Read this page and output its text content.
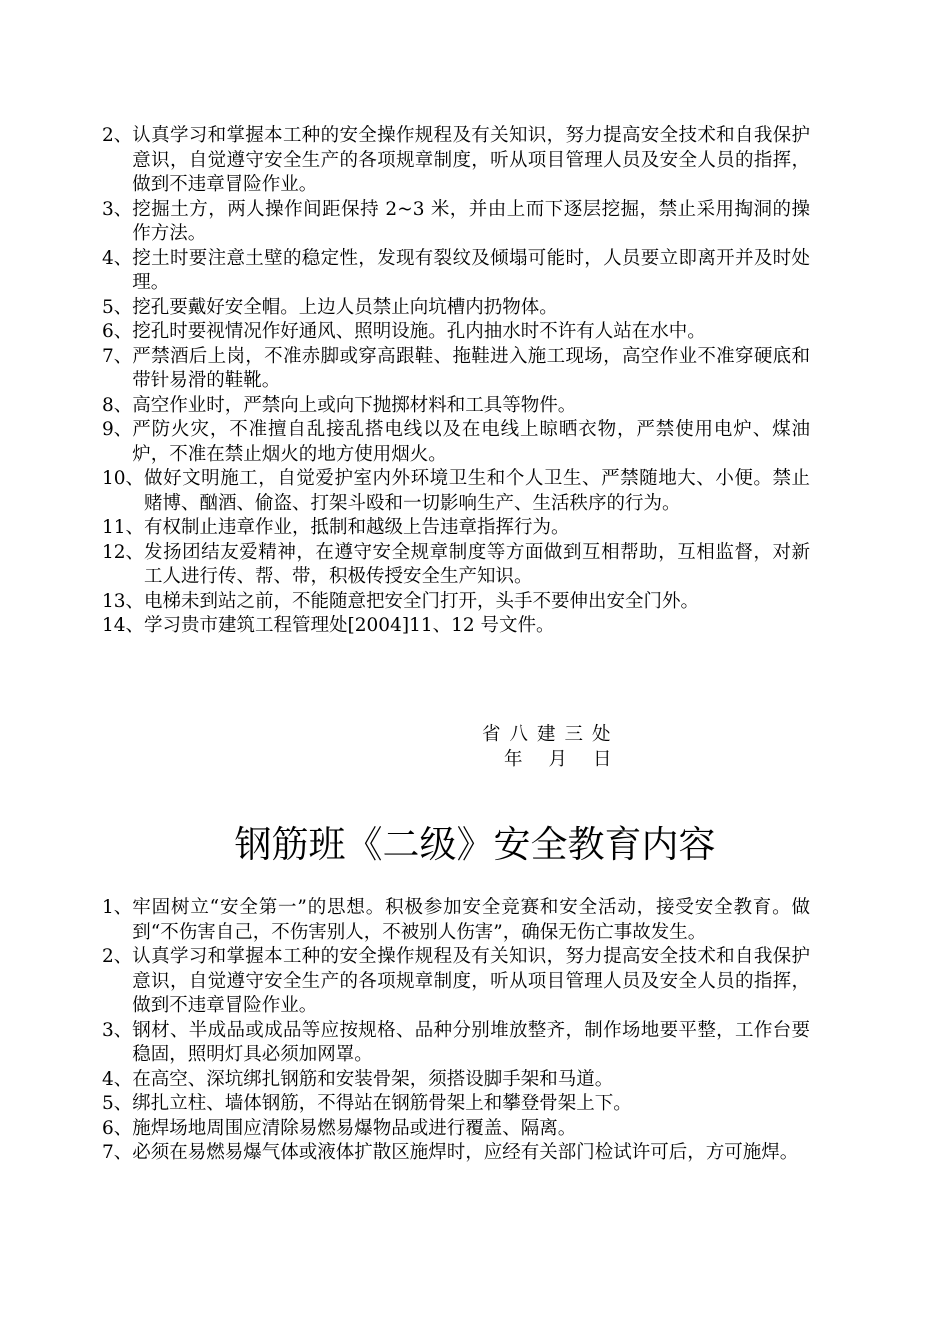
2、 认真学习和掌握本工种的安全操作规程及有关知识，努力提高安全技术和自我保护意识，自觉遵守安全生产的各项规章制度，听从项目管理人员及安全人员的指挥，做到不违章冒险作业。
3、 挖掘土方，两人操作间距保持 2~3 米，并由上而下逐层挖掘，禁止采用掏洞的操作方法。
4、 挖土时要注意土壁的稳定性，发现有裂纹及倾塌可能时，人员要立即离开并及时处理。
5、 挖孔要戴好安全帽。上边人员禁止向坑槽内扔物体。
6、 挖孔时要视情况作好通风、照明设施。孔内抽水时不许有人站在水中。
7、 严禁酒后上岗，不准赤脚或穿高跟鞋、拖鞋进入施工现场，高空作业不准穿硬底和带针易滑的鞋靴。
8、 高空作业时，严禁向上或向下抛掷材料和工具等物件。
9、 严防火灾，不准擅自乱接乱搭电线以及在电线上晾晒衣物，严禁使用电炉、煤油炉，不准在禁止烟火的地方使用烟火。
10、 做好文明施工，自觉爱护室内外环境卫生和个人卫生、严禁随地大、小便。禁止赌博、酗酒、偷盗、打架斗殴和一切影响生产、生活秩序的行为。
11、 有权制止违章作业，抵制和越级上告违章指挥行为。
12、 发扬团结友爱精神，在遵守安全规章制度等方面做到互相帮助，互相监督，对新工人进行传、帮、带，积极传授安全生产知识。
13、 电梯未到站之前，不能随意把安全门打开，头手不要伸出安全门外。
14、 学习贵市建筑工程管理处[2004]11、12 号文件。
省八建三处
年 月 日
钢筋班《二级》安全教育内容
1、 牢固树立“安全第一”的思想。积极参加安全竞赛和安全活动，接受安全教育。做到“不伤害自己，不伤害别人，不被别人伤害”，确保无伤亡事故发生。
2、 认真学习和掌握本工种的安全操作规程及有关知识，努力提高安全技术和自我保护意识，自觉遵守安全生产的各项规章制度，听从项目管理人员及安全人员的指挥，做到不违章冒险作业。
3、 钢材、半成品或成品等应按规格、品种分别堆放整齐，制作场地要平整，工作台要稳固，照明灯具必须加网罩。
4、 在高空、深坑绑扎钢筋和安装骨架，须搭设脚手架和马道。
5、 绑扎立柱、墙体钢筋，不得站在钢筋骨架上和攀登骨架上下。
6、 施焊场地周围应清除易燃易爆物品或进行覆盖、隔离。
7、 必须在易燃易爆气体或液体扩散区施焊时，应经有关部门检试许可后，方可施焊。
